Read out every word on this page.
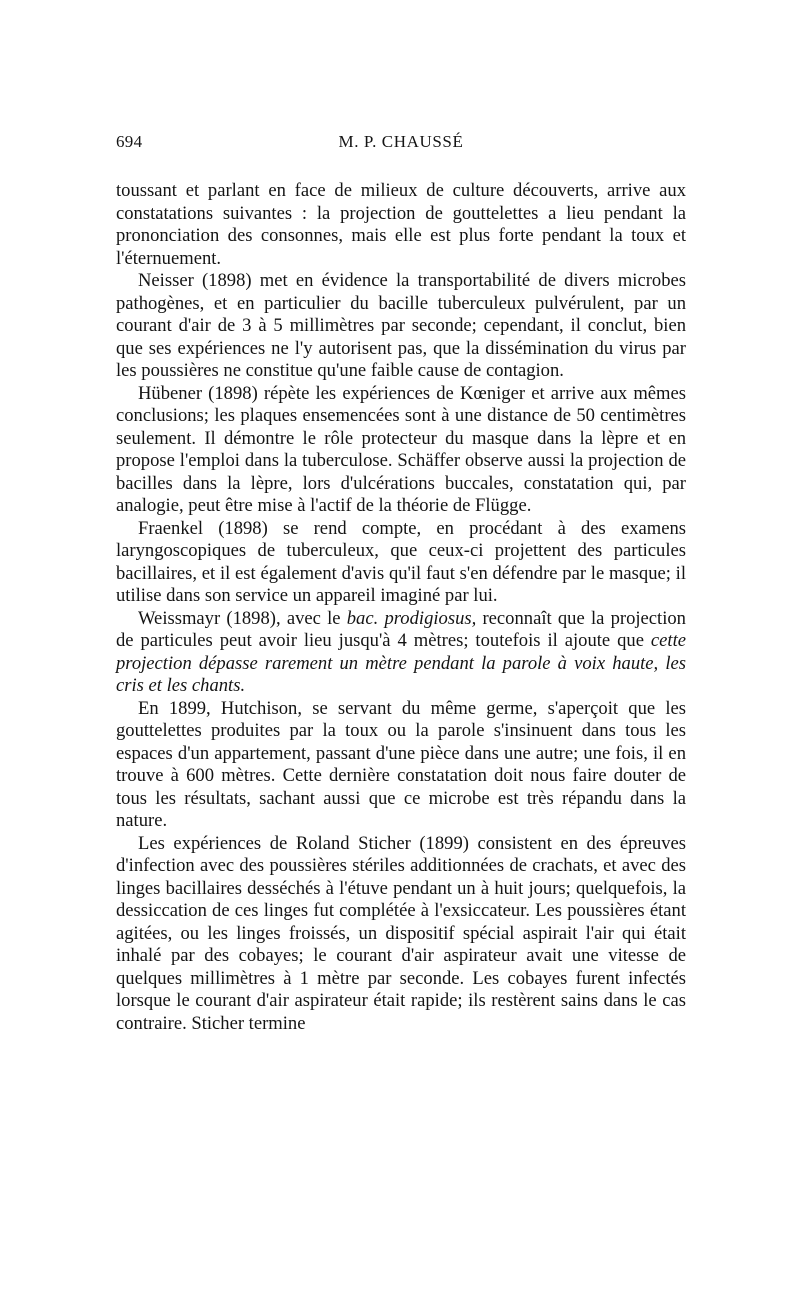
694	M. P. CHAUSSÉ

toussant et parlant en face de milieux de culture découverts, arrive aux constatations suivantes : la projection de gouttelettes a lieu pendant la prononciation des consonnes, mais elle est plus forte pendant la toux et l'éternuement.

Neisser (1898) met en évidence la transportabilité de divers microbes pathogènes, et en particulier du bacille tuberculeux pulvérulent, par un courant d'air de 3 à 5 millimètres par seconde; cependant, il conclut, bien que ses expériences ne l'y autorisent pas, que la dissémination du virus par les poussières ne constitue qu'une faible cause de contagion.

Hübener (1898) répète les expériences de Kœniger et arrive aux mêmes conclusions; les plaques ensemencées sont à une distance de 50 centimètres seulement. Il démontre le rôle protecteur du masque dans la lèpre et en propose l'emploi dans la tuberculose. Schäffer observe aussi la projection de bacilles dans la lèpre, lors d'ulcérations buccales, constatation qui, par analogie, peut être mise à l'actif de la théorie de Flügge.

Fraenkel (1898) se rend compte, en procédant à des examens laryngoscopiques de tuberculeux, que ceux-ci projettent des particules bacillaires, et il est également d'avis qu'il faut s'en défendre par le masque; il utilise dans son service un appareil imaginé par lui.

Weissmayr (1898), avec le bac. prodigiosus, reconnaît que la projection de particules peut avoir lieu jusqu'à 4 mètres; toutefois il ajoute que cette projection dépasse rarement un mètre pendant la parole à voix haute, les cris et les chants.

En 1899, Hutchison, se servant du même germe, s'aperçoit que les gouttelettes produites par la toux ou la parole s'insinuent dans tous les espaces d'un appartement, passant d'une pièce dans une autre; une fois, il en trouve à 600 mètres. Cette dernière constatation doit nous faire douter de tous les résultats, sachant aussi que ce microbe est très répandu dans la nature.

Les expériences de Roland Sticher (1899) consistent en des épreuves d'infection avec des poussières stériles additionnées de crachats, et avec des linges bacillaires desséchés à l'étuve pendant un à huit jours; quelquefois, la dessiccation de ces linges fut complétée à l'exsiccateur. Les poussières étant agitées, ou les linges froissés, un dispositif spécial aspirait l'air qui était inhalé par des cobayes; le courant d'air aspirateur avait une vitesse de quelques millimètres à 1 mètre par seconde. Les cobayes furent infectés lorsque le courant d'air aspirateur était rapide; ils restèrent sains dans le cas contraire. Sticher termine
